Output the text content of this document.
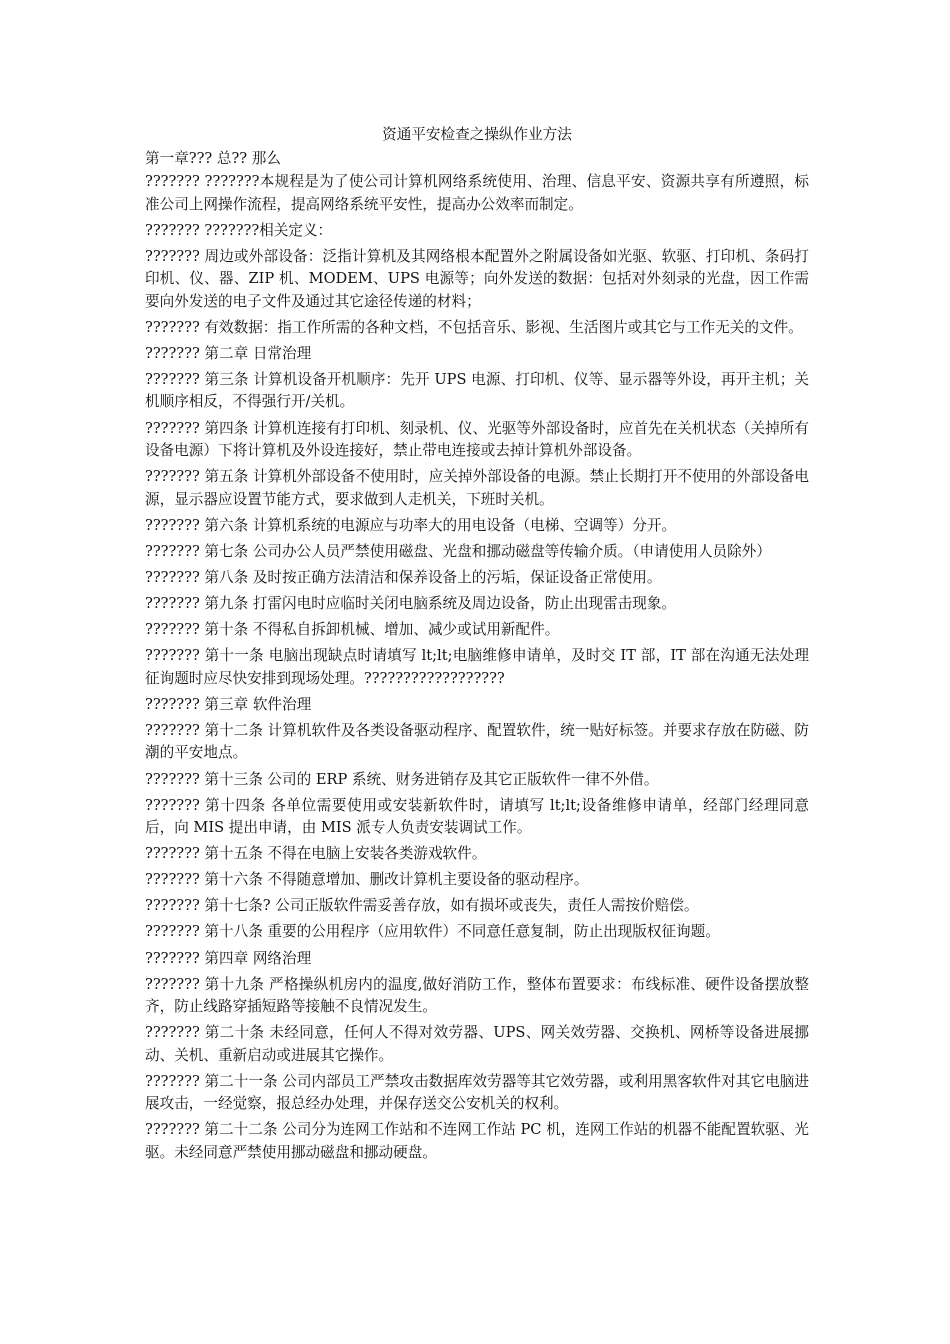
资通平安检查之操纵作业方法

第一章??? 总?? 那么

??????? ???????本规程是为了使公司计算机网络系统使用、治理、信息平安、资源共享有所遵照，标准公司上网操作流程，提高网络系统平安性，提高办公效率而制定。

??????? ???????相关定义：

??????? 周边或外部设备：泛指计算机及其网络根本配置外之附属设备如光驱、软驱、打印机、条码打印机、仪、器、ZIP 机、MODEM、UPS 电源等；向外发送的数据：包括对外刻录的光盘，因工作需要向外发送的电子文件及通过其它途径传递的材料；

??????? 有效数据：指工作所需的各种文档，不包括音乐、影视、生活图片或其它与工作无关的文件。

??????? 第二章 日常治理

??????? 第三条 计算机设备开机顺序：先开 UPS 电源、打印机、仪等、显示器等外设，再开主机；关机顺序相反，不得强行开/关机。

??????? 第四条 计算机连接有打印机、刻录机、仪、光驱等外部设备时，应首先在关机状态（关掉所有设备电源）下将计算机及外设连接好，禁止带电连接或去掉计算机外部设备。

??????? 第五条 计算机外部设备不使用时，应关掉外部设备的电源。禁止长期打开不使用的外部设备电源，显示器应设置节能方式，要求做到人走机关，下班时关机。

??????? 第六条 计算机系统的电源应与功率大的用电设备（电梯、空调等）分开。

??????? 第七条 公司办公人员严禁使用磁盘、光盘和挪动磁盘等传输介质。（申请使用人员除外）

??????? 第八条 及时按正确方法清洁和保养设备上的污垢，保证设备正常使用。

??????? 第九条 打雷闪电时应临时关闭电脑系统及周边设备，防止出现雷击现象。

??????? 第十条 不得私自拆卸机械、增加、减少或试用新配件。

??????? 第十一条 电脑出现缺点时请填写 lt;lt;电脑维修申请单，及时交 IT 部，IT 部在沟通无法处理征询题时应尽快安排到现场处理。??????????????????

??????? 第三章 软件治理

??????? 第十二条 计算机软件及各类设备驱动程序、配置软件，统一贴好标签。并要求存放在防磁、防潮的平安地点。

??????? 第十三条 公司的 ERP 系统、财务进销存及其它正版软件一律不外借。

??????? 第十四条 各单位需要使用或安装新软件时，请填写 lt;lt;设备维修申请单，经部门经理同意后，向 MIS 提出申请，由 MIS 派专人负责安装调试工作。

??????? 第十五条 不得在电脑上安装各类游戏软件。

??????? 第十六条 不得随意增加、删改计算机主要设备的驱动程序。

??????? 第十七条? 公司正版软件需妥善存放，如有损坏或丧失，责任人需按价赔偿。

??????? 第十八条 重要的公用程序（应用软件）不同意任意复制，防止出现版权征询题。

??????? 第四章 网络治理

??????? 第十九条 严格操纵机房内的温度,做好消防工作，整体布置要求：布线标准、硬件设备摆放整齐，防止线路穿插短路等接触不良情况发生。

??????? 第二十条 未经同意，任何人不得对效劳器、UPS、网关效劳器、交换机、网桥等设备进展挪动、关机、重新启动或进展其它操作。

??????? 第二十一条 公司内部员工严禁攻击数据库效劳器等其它效劳器，或利用黑客软件对其它电脑进展攻击，一经觉察，报总经办处理，并保存送交公安机关的权利。

??????? 第二十二条 公司分为连网工作站和不连网工作站 PC 机，连网工作站的机器不能配置软驱、光驱。未经同意严禁使用挪动磁盘和挪动硬盘。
